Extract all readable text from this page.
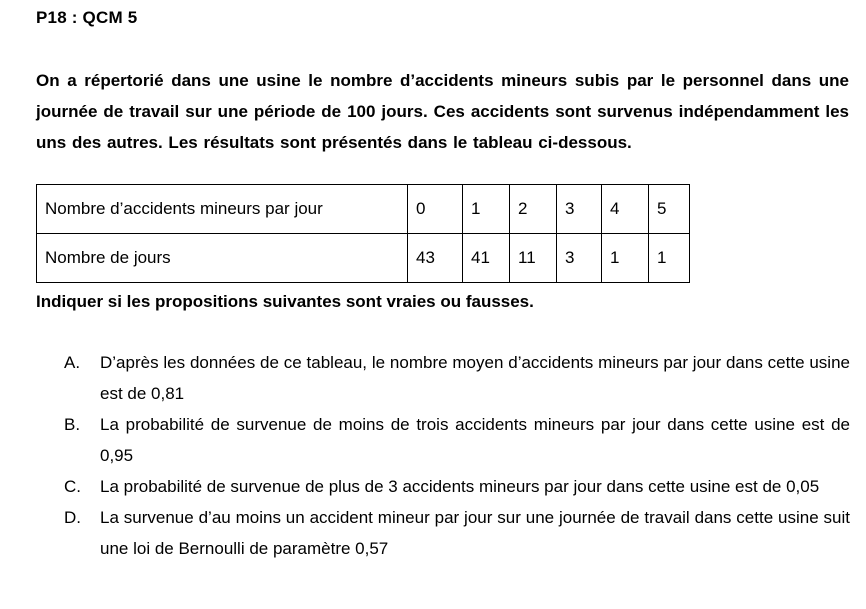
P18 : QCM 5

On a répertorié dans une usine le nombre d’accidents mineurs subis par le personnel dans une journée de travail sur une période de 100 jours. Ces accidents sont survenus indépendamment les uns des autres. Les résultats sont présentés dans le tableau ci-dessous.

Nombre d’accidents mineurs par jour	0	1	2	3	4	5
Nombre de jours	43	41	11	3	1	1
Indiquer si les propositions suivantes sont vraies ou fausses.
A.	D’après les données de ce tableau, le nombre moyen d’accidents mineurs par jour dans cette usine est de 0,81
B.	La probabilité de survenue de moins de trois accidents mineurs par jour dans cette usine est de 0,95
C.	La probabilité de survenue de plus de 3 accidents mineurs par jour dans cette usine est de 0,05
D.	La survenue d’au moins un accident mineur par jour sur une journée de travail dans cette usine suit une loi de Bernoulli de paramètre 0,57
